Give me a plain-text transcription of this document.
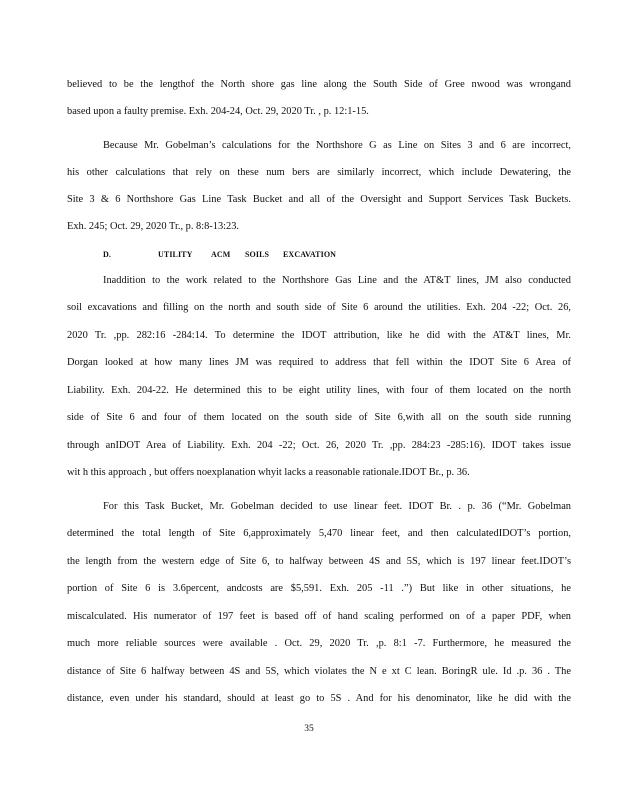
believed to be the lengthof the North shore gas line along the South Side of Gree nwood was wrongand
based upon a faulty premise. Exh. 204-24, Oct. 29, 2020 Tr. , p. 12:1-15.
Because Mr. Gobelman’s calculations for the Northshore G as Line on Sites 3 and 6 are incorrect,
his other calculations that rely on these num bers are similarly incorrect, which include Dewatering, the
Site 3 & 6 Northshore Gas Line Task Bucket and all of the Oversight and Support Services Task Buckets.
Exh. 245; Oct. 29, 2020 Tr., p. 8:8-13:23.
D.	UTILITY ACM SOILS EXCAVATION
Inaddition to the work related to the Northshore Gas Line and the AT&T lines, JM also conducted
soil excavations and filling on the north and south side of Site 6 around the utilities. Exh. 204 -22; Oct. 26,
2020 Tr. ,pp. 282:16 -284:14. To determine the IDOT attribution, like he did with the AT&T lines, Mr.
Dorgan looked at how many lines JM was required to address that fell within the IDOT Site 6 Area of
Liability. Exh. 204-22. He determined this to be eight utility lines, with four of them located on the north
side of Site 6 and four of them located on the south side of Site 6,with all on the south side running
through anIDOT Area of Liability. Exh. 204 -22; Oct. 26, 2020 Tr. ,pp. 284:23 -285:16). IDOT takes issue
wit h this approach , but offers noexplanation whyit lacks a reasonable rationale.IDOT Br., p. 36.
For this Task Bucket, Mr. Gobelman decided to use linear feet. IDOT Br. . p. 36 (“Mr. Gobelman
determined the total length of Site 6,approximately 5,470 linear feet, and then calculatedIDOT’s portion,
the length from the western edge of Site 6, to halfway between 4S and 5S, which is 197 linear feet.IDOT’s
portion of Site 6 is 3.6percent, andcosts are $5,591. Exh. 205 -11 .”) But like in other situations, he
miscalculated. His numerator of 197 feet is based off of hand scaling performed on of a paper PDF, when
much more reliable sources were available . Oct. 29, 2020 Tr. ,p. 8:1 -7. Furthermore, he measured the
distance of Site 6 halfway between 4S and 5S, which violates the N e xt C lean. BoringR ule. Id .p. 36 . The
distance, even under his standard, should at least go to 5S . And for his denominator, like he did with the
35
